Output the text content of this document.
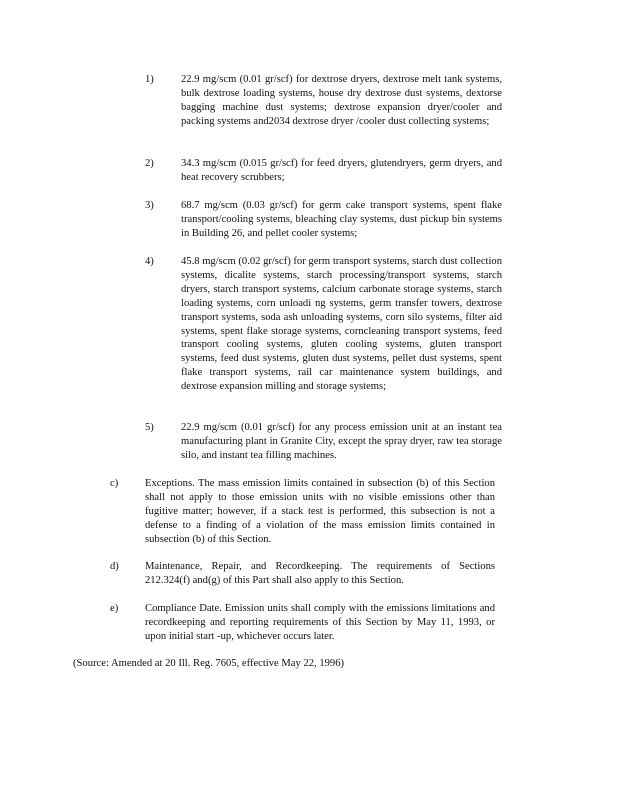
1)	22.9 mg/scm (0.01 gr/scf) for dextrose dryers, dextrose melt tank systems, bulk dextrose loading systems, house dry dextrose dust systems, dextorse bagging machine dust systems; dextrose expansion dryer/cooler and packing systems and2034 dextrose dryer /cooler dust collecting systems;
2)	34.3 mg/scm (0.015 gr/scf) for feed dryers, glutendryers, germ dryers, and heat recovery scrubbers;
3)	68.7 mg/scm (0.03 gr/scf) for germ cake transport systems, spent flake transport/cooling systems, bleaching clay systems, dust pickup bin systems in Building 26, and pellet cooler systems;
4)	45.8 mg/scm (0.02 gr/scf) for germ transport systems, starch dust collection systems, dicalite systems, starch processing/transport systems, starch dryers, starch transport systems, calcium carbonate storage systems, starch loading systems, corn unloadi ng systems, germ transfer towers, dextrose transport systems, soda ash unloading systems, corn silo systems, filter aid systems, spent flake storage systems, corncleaning transport systems, feed transport cooling systems, gluten cooling systems, gluten transport systems, feed dust systems, gluten dust systems, pellet dust systems, spent flake transport systems, rail car maintenance system buildings, and dextrose expansion milling and storage systems;
5)	22.9 mg/scm (0.01 gr/scf) for any process emission unit at an instant tea manufacturing plant in Granite City, except the spray dryer, raw tea storage silo, and instant tea filling machines.
c)	Exceptions. The mass emission limits contained in subsection (b) of this Section shall not apply to those emission units with no visible emissions other than fugitive matter; however, if a stack test is performed, this subsection is not a defense to a finding of a violation of the mass emission limits contained in subsection (b) of this Section.
d) Maintenance, Repair, and Recordkeeping. The requirements of Sections 212.324(f) and(g) of this Part shall also apply to this Section.
e)	Compliance Date. Emission units shall comply with the emissions limitations and recordkeeping and reporting requirements of this Section by May 11, 1993, or upon initial start -up, whichever occurs later.
(Source: Amended at 20 Ill. Reg. 7605, effective May 22, 1996)
